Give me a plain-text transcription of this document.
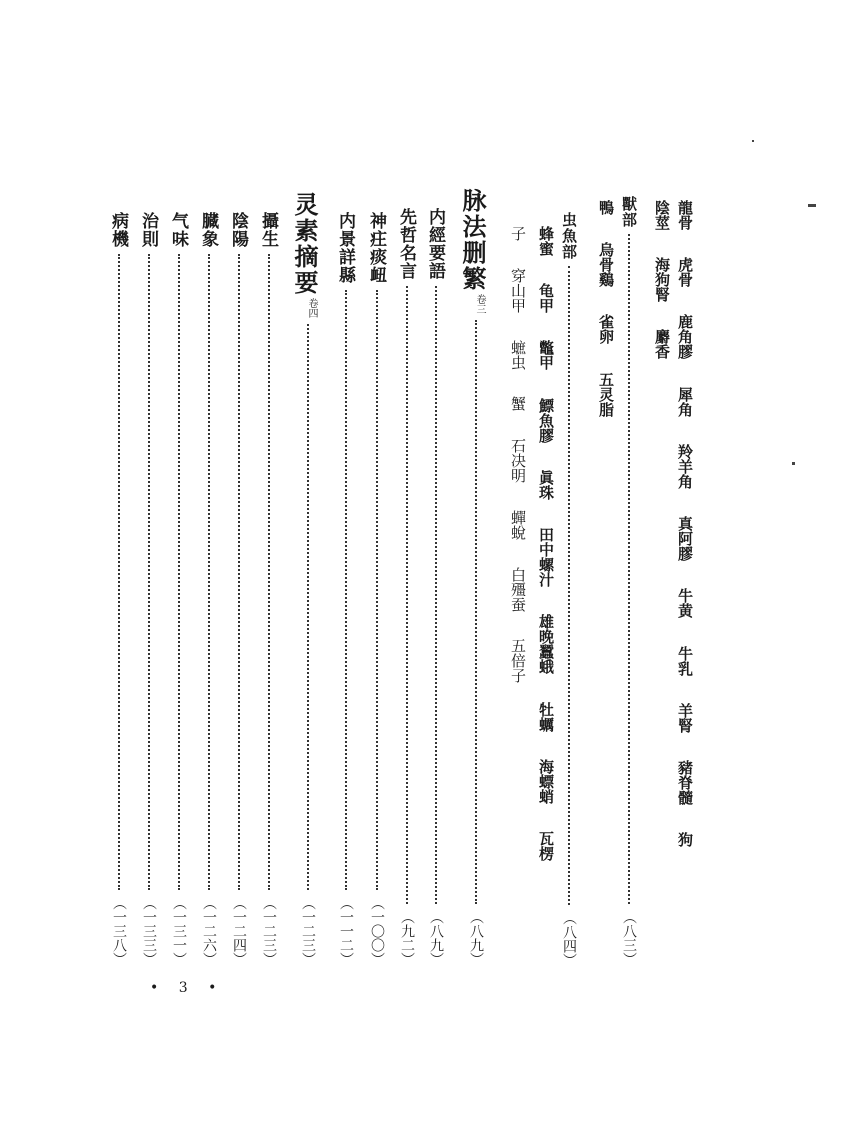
龍骨 虎骨 鹿角膠 犀角 羚羊角 真阿膠 牛黄 牛乳 羊腎 豬脊髓 狗
陰莖 海狗腎 麝香
獸部
（八三）
鴨 烏骨鷄 雀卵 五灵脂
虫魚部
（八四）
蜂蜜 龟甲 鼈甲 鰾魚膠 眞珠 田中螺汁 雄晚蠶蛾 牡蠣 海螵蛸 瓦楞
子 穿山甲 蟅虫 蟹 石决明 蟬蛻 白殭蚕 五倍子
脉法删繁
卷三
（八九）
内經要語
（八九）
先哲名言
（九二）
神㽵痰衄
（一〇〇）
内景詳縣
（一一二）
灵素摘要
卷四
（一二三）
攝生
（一二三）
陰陽
（一二四）
臓象
（一二六）
气味
（一三一）
治則
（一三三）
病機
（一三八）
• 3 •
